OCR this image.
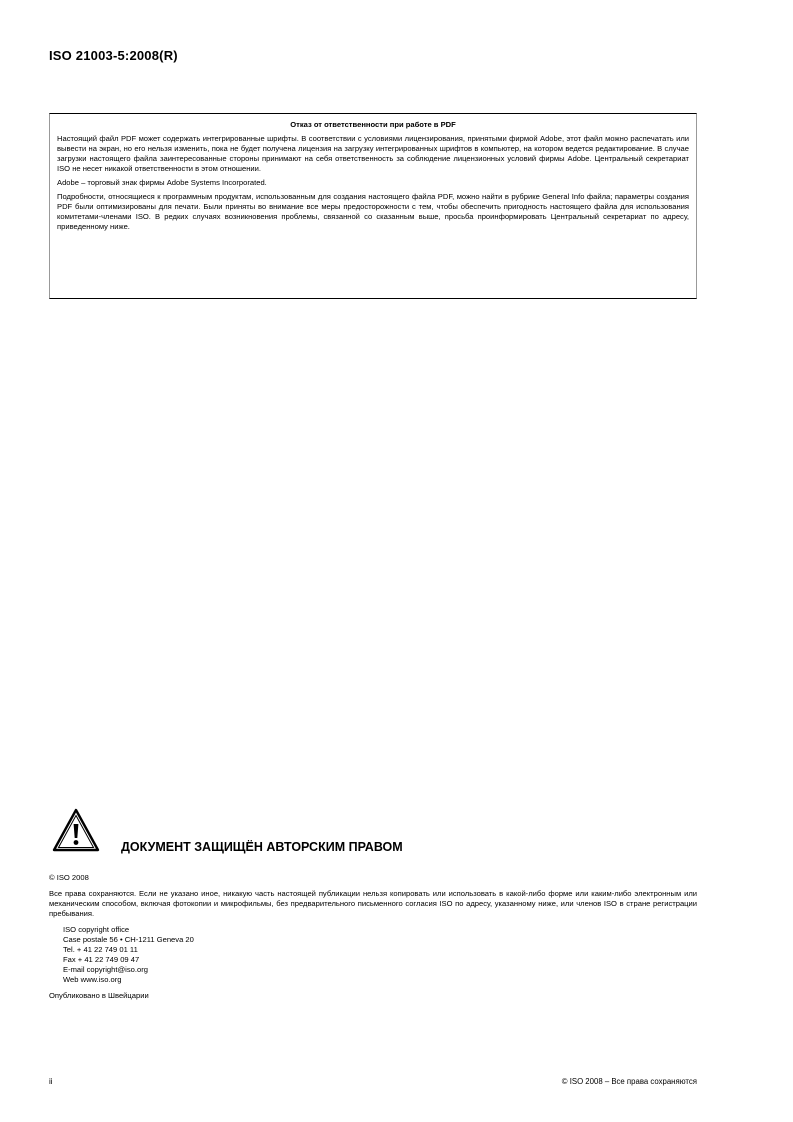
ISO 21003-5:2008(R)
Отказ от ответственности при работе в PDF

Настоящий файл PDF может содержать интегрированные шрифты. В соответствии с условиями лицензирования, принятыми фирмой Adobe, этот файл можно распечатать или вывести на экран, но его нельзя изменить, пока не будет получена лицензия на загрузку интегрированных шрифтов в компьютер, на котором ведется редактирование. В случае загрузки настоящего файла заинтересованные стороны принимают на себя ответственность за соблюдение лицензионных условий фирмы Adobe. Центральный секретариат ISO не несет никакой ответственности в этом отношении.

Adobe – торговый знак фирмы Adobe Systems Incorporated.

Подробности, относящиеся к программным продуктам, использованным для создания настоящего файла PDF, можно найти в рубрике General Info файла; параметры создания PDF были оптимизированы для печати. Были приняты во внимание все меры предосторожности с тем, чтобы обеспечить пригодность настоящего файла для использования комитетами-членами ISO. В редких случаях возникновения проблемы, связанной со сказанным выше, просьба проинформировать Центральный секретариат по адресу, приведенному ниже.

ДОКУМЕНТ ЗАЩИЩЁН АВТОРСКИМ ПРАВОМ
© ISO 2008

Все права сохраняются. Если не указано иное, никакую часть настоящей публикации нельзя копировать или использовать в какой-либо форме или каким-либо электронным или механическим способом, включая фотокопии и микрофильмы, без предварительного письменного согласия ISO по адресу, указанному ниже, или членов ISO в стране регистрации пребывания.

ISO copyright office
Case postale 56 • CH-1211 Geneva 20
Tel. + 41 22 749 01 11
Fax + 41 22 749 09 47
E-mail copyright@iso.org
Web www.iso.org
Опубликовано в Швейцарии
ii	© ISO 2008 – Все права сохраняются
